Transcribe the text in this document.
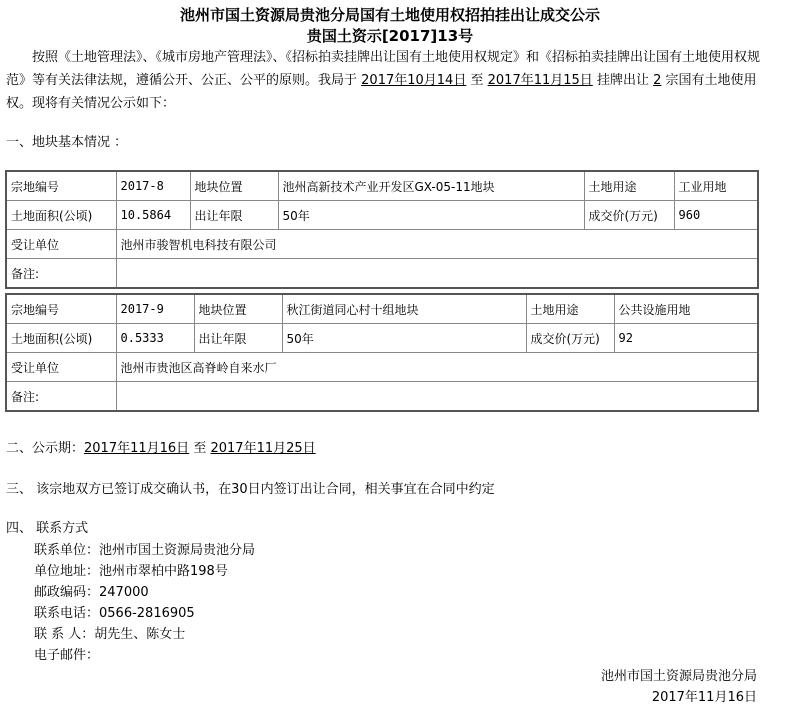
池州市国土资源局贵池分局国有土地使用权招拍挂出让成交公示
贵国土资示[2017]13号
按照《土地管理法》、《城市房地产管理法》、《招标拍卖挂牌出让国有土地使用权规定》和《招标拍卖挂牌出让国有土地使用权规范》等有关法律法规，遵循公开、公正、公平的原则。我局于 2017年10月14日 至 2017年11月15日 挂牌出让 2 宗国有土地使用权。现将有关情况公示如下：
一、地块基本情况 ：
宗地编号	2017-8	地块位置	池州高新技术产业开发区GX-05-11地块	土地用途	工业用地
土地面积(公顷)	10.5864	出让年限	50年	成交价(万元)	960
受让单位	池州市骏智机电科技有限公司				
备注:					
宗地编号	2017-9	地块位置	秋江街道同心村十组地块	土地用途	公共设施用地
土地面积(公顷)	0.5333	出让年限	50年	成交价(万元)	92
受让单位	池州市贵池区高脊岭自来水厂				
备注:					
二、公示期：2017年11月16日 至 2017年11月25日
三、 该宗地双方已签订成交确认书，在30日内签订出让合同，相关事宜在合同中约定
四、 联系方式
联系单位：池州市国土资源局贵池分局
单位地址：池州市翠柏中路198号
邮政编码：247000
联系电话：0566-2816905
联 系 人：胡先生、陈女士
电子邮件：
池州市国土资源局贵池分局
2017年11月16日
